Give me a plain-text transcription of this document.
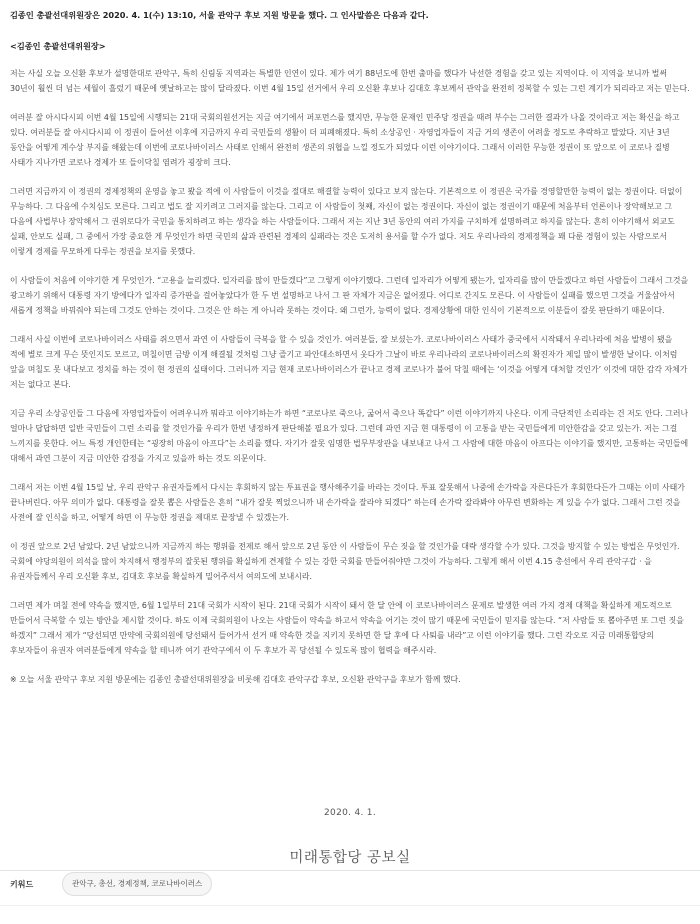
김종인 총괄선대위원장은 2020. 4. 1(수) 13:10, 서울 관악구 후보 지원 방문을 했다. 그 인사말씀은 다음과 같다.
<김종인 총괄선대위원장>

저는 사실 오늘 오신환 후보가 설명한대로 관악구, 특히 신림동 지역과는 특별한 인연이 있다. 제가 여기 88년도에 한번 출마를 했다가 낙선한 경험을 갖고 있는 지역이다. 이 지역을 보니까 벌써 30년이 훨씬 더 넘는 세월이 흘렀기 때문에 옛날하고는 많이 달라졌다. 이번 4월 15일 선거에서 우리 오신환 후보나 김대호 후보께서 관악을 완전히 정복할 수 있는 그런 계기가 되리라고 저는 믿는다.

여러분 잘 아시다시피 이번 4월 15일에 시행되는 21대 국회의원선거는 지금 여기에서 퍼포먼스를 했지만, 무능한 문재인 민주당 정권을 때려 부수는 그러한 결과가 나올 것이라고 저는 확신을 하고 있다. 여러분들 잘 아시다시피 이 정권이 들어선 이후에 지금까지 우리 국민들의 생활이 더 피폐해졌다. 특히 소상공인 · 자영업자들이 지금 거의 생존이 어려울 정도로 추락하고 말았다. 지난 3년 동안을 어떻게 계수상 부지를 해왔는데 이번에 코로나바이러스 사태로 인해서 완전히 생존의 위협을 느낄 정도가 되었다 이런 이야기이다. 그래서 이러한 무능한 정권이 또 앞으로 이 코로나 질병 사태가 지나가면 코로나 경제가 또 들이닥칠 염려가 굉장히 크다.

그러면 지금까지 이 정권의 경제정책의 운영을 놓고 봤을 적에 이 사람들이 이것을 절대로 해결할 능력이 있다고 보지 않는다. 기본적으로 이 정권은 국가를 경영할만한 능력이 없는 정권이다. 더없이 무능하다. 그 다음에 수치심도 모른다. 그리고 법도 잘 지키려고 그러지를 않는다. 그리고 이 사람들이 첫째, 자신이 없는 정권이다. 자신이 없는 정권이기 때문에 처음부터 언론이나 장악해보고 그 다음에 사법부나 장악해서 그 권위로다가 국민을 통치하려고 하는 생각을 하는 사람들이다. 그래서 저는 지난 3년 동안의 여러 가지를 구치하게 설명하려고 하지를 않는다. 흔히 이야기해서 외교도 실패, 안보도 실패, 그 중에서 가장 중요한 게 무엇인가 하면 국민의 삶과 관련된 경제의 실패라는 것은 도저히 용서를 할 수가 없다. 저도 우리나라의 경제정책을 꽤 다룬 경험이 있는 사람으로서 이렇게 경제를 무모하게 다루는 정권을 보지를 못했다.

이 사람들이 처음에 이야기한 게 무엇인가. “고용을 늘리겠다. 일자리를 많이 만들겠다”고 그렇게 이야기했다. 그런데 일자리가 어떻게 됐는가, 일자리를 많이 만들겠다고 하던 사람들이 그래서 그것을 광고하기 위해서 대통령 자기 방에다가 일자리 증가판을 걸어놓았다가 한 두 번 설명하고 나서 그 판 자체가 지금은 없어졌다. 어디로 간지도 모른다. 이 사람들이 실패를 했으면 그것을 거울삼아서 새롭게 정책을 바꿔줘야 되는데 그것도 안하는 것이다. 그것은 안 하는 게 아니라 못하는 것이다. 왜 그런가, 능력이 없다. 경제상황에 대한 인식이 기본적으로 이분들이 잘못 판단하기 때문이다.

그래서 사실 이번에 코로나바이러스 사태를 쥐으면서 과연 이 사람들이 극복을 할 수 있을 것인가. 여러분들, 잘 보셨는가. 코로나바이러스 사태가 중국에서 시작돼서 우리나라에 처음 발병이 됐을 적에 별로 크게 무슨 뜻인지도 모르고, 며칠이면 금방 이게 해결될 것처럼 그냥 즐기고 파안대소하면서 웃다가 그날이 바로 우리나라의 코로나바이러스의 확진자가 제일 많이 발생한 날이다. 이처럼 앞을 며칠도 못 내다보고 정치를 하는 것이 현 정권의 실태이다. 그러니까 지금 현재 코로나바이러스가 끝나고 경제 코로나가 불어 닥칠 때에는 ‘이것을 어떻게 대처할 것인가’ 이것에 대한 감각 자체가 저는 없다고 본다.

지금 우리 소상공인들 그 다음에 자영업자들이 어려우니까 뭐라고 이야기하는가 하면 “코로나로 죽으나, 굶어서 죽으나 똑같다” 이런 이야기까지 나온다. 이게 극단적인 소리라는 건 저도 안다. 그러나 얼마나 답답하면 일반 국민들이 그런 소리를 할 것인가를 우리가 한번 냉정하게 판단해볼 필요가 있다. 그런데 과연 지금 현 대통령이 이 고통을 받는 국민들에게 미안한감을 갖고 있는가. 저는 그걸 느끼지를 못한다. 어느 특정 개인한테는 “굉장히 마음이 아프다”는 소리를 했다. 자기가 잘못 임명한 법무부장관을 내보내고 나서 그 사람에 대한 마음이 아프다는 이야기를 했지만, 고통하는 국민들에 대해서 과연 그분이 지금 미안한 감정을 가지고 있을까 하는 것도 의문이다.

그래서 저는 이번 4월 15일 날, 우리 관악구 유권자들께서 다시는 후회하지 않는 투표권을 행사해주기를 바라는 것이다. 투표 잘못해서 나중에 손가락을 자른다든가 후회한다든가 그때는 이미 사태가 끝나버린다. 아무 의미가 없다. 대통령을 잘못 뽑은 사람들은 흔히 “내가 잘못 찍었으니까 내 손가락을 잘라야 되겠다” 하는데 손가락 잘라봐야 아무런 변화하는 게 있을 수가 없다. 그래서 그런 것을 사전에 잘 인식을 하고, 어떻게 하면 이 무능한 정권을 제대로 끝장낼 수 있겠는가.

이 정권 앞으로 2년 남았다. 2년 남았으니까 지금까지 하는 행위를 전제로 해서 앞으로 2년 동안 이 사람들이 무슨 짓을 할 것인가를 대략 생각할 수가 있다. 그것을 방지할 수 있는 방법은 무엇인가. 국회에 야당의원이 의석을 많이 차지해서 행정부의 잘못된 행위를 확실하게 견제할 수 있는 강한 국회를 만들어줘야만 그것이 가능하다. 그렇게 해서 이번 4.15 총선에서 우리 관악구갑 · 을 유권자들께서 우리 오신환 후보, 김대호 후보를 확실하게 밀어주셔서 여의도에 보내시라.

그러면 제가 며칠 전에 약속을 했지만, 6월 1일부터 21대 국회가 시작이 된다. 21대 국회가 시작이 돼서 한 달 안에 이 코로나바이러스 문제로 발생한 여러 가지 경제 대책을 확실하게 제도적으로 만들어서 극복할 수 있는 방안을 제시할 것이다. 하도 이제 국회의원이 나오는 사람들이 약속을 하고서 약속을 어기는 것이 많기 때문에 국민들이 믿지를 않는다. “저 사람들 또 뽑아주면 또 그런 짓을 하겠지” 그래서 제가 “당선되면 만약에 국회의원에 당선돼서 들어가서 선거 때 약속한 것을 지키지 못하면 한 달 후에 다 사퇴를 내라”고 이런 이야기를 했다. 그런 각오로 지금 미래통합당의 후보자들이 유권자 여러분들에게 약속을 할 테니까 여기 관악구에서 이 두 후보가 꼭 당선될 수 있도록 많이 협력을 해주시라.

※ 오늘 서울 관악구 후보 지원 방문에는 김종인 총괄선대위원장을 비롯해 김대호 관악구갑 후보, 오신환 관악구을 후보가 함께 했다.

2020. 4. 1.
미래통합당 공보실
키워드	관악구, 총선, 경제정책, 코로나바이러스
